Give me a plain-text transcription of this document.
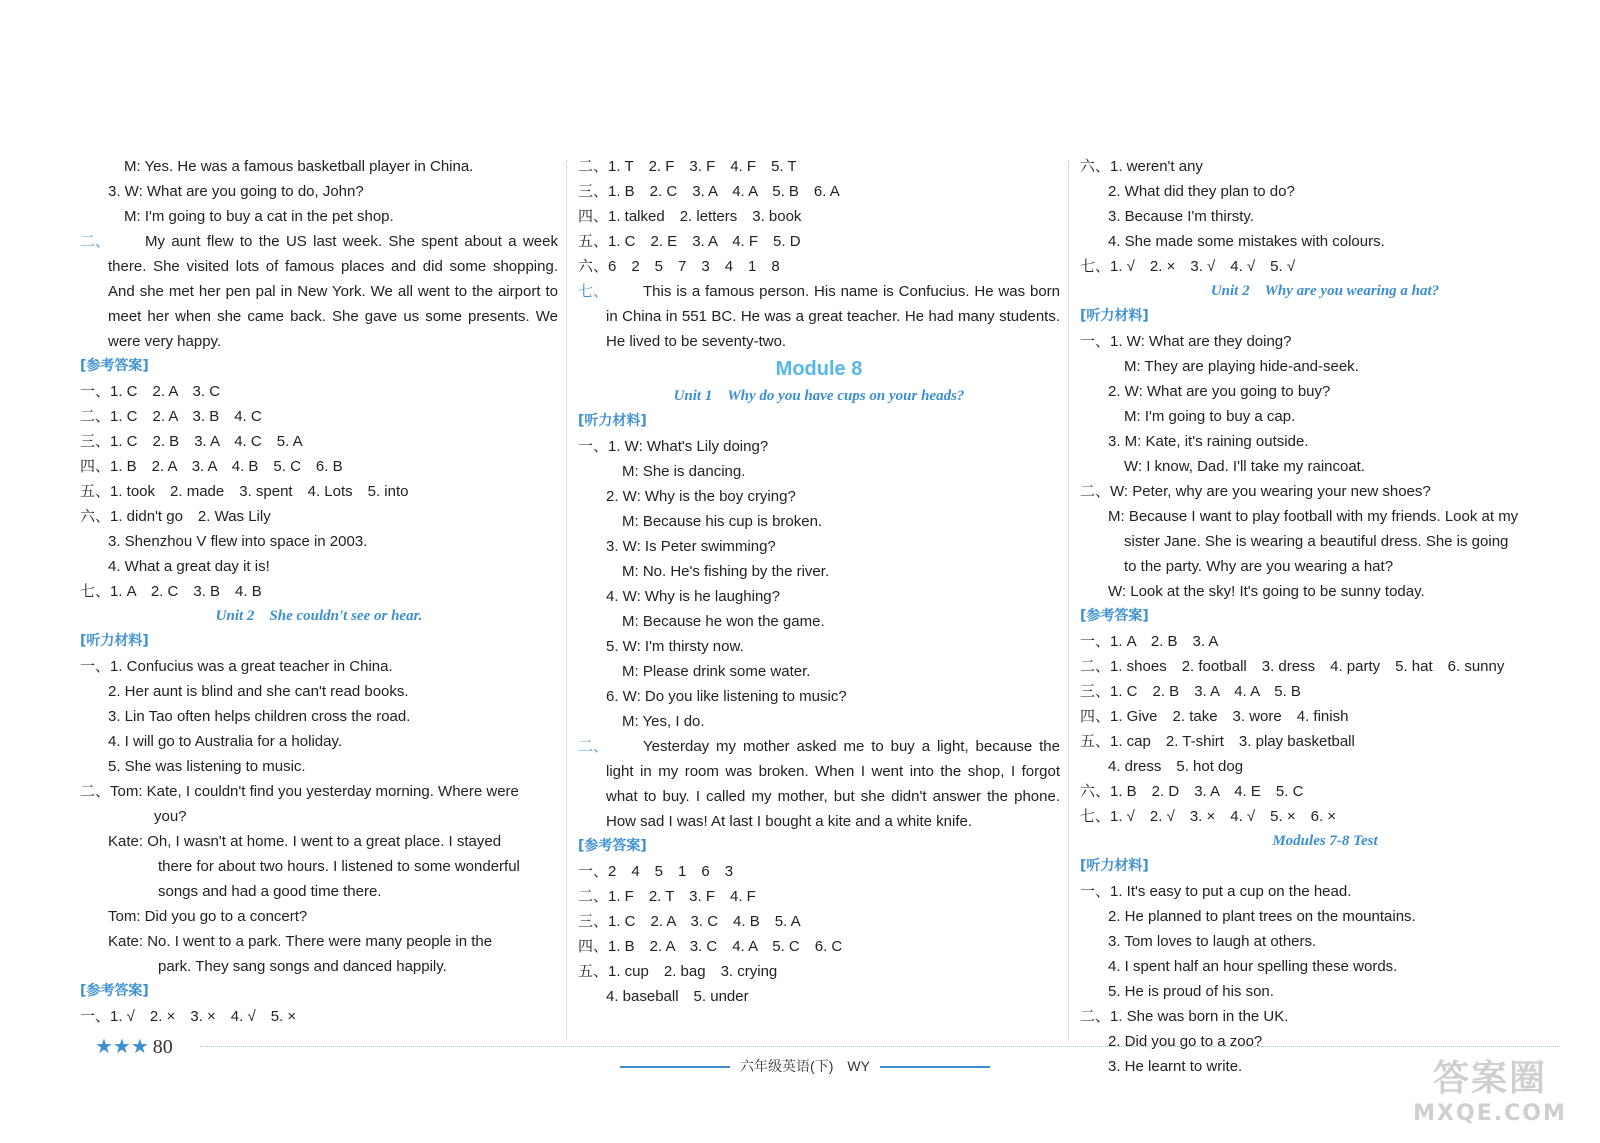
M: Yes. He was a famous basketball player in China.
3. W: What are you going to do, John?
M: I'm going to buy a cat in the pet shop.
二、 My aunt flew to the US last week. She spent about a week there. She visited lots of famous places and did some shopping. And she met her pen pal in New York. We all went to the airport to meet her when she came back. She gave us some presents. We were very happy.
[参考答案]
一、1. C　2. A　3. C
二、1. C　2. A　3. B　4. C
三、1. C　2. B　3. A　4. C　5. A
四、1. B　2. A　3. A　4. B　5. C　6. B
五、1. took　2. made　3. spent　4. Lots　5. into
六、1. didn't go　2. Was Lily
3. Shenzhou V flew into space in 2003.
4. What a great day it is!
七、1. A　2. C　3. B　4. B
Unit 2　She couldn't see or hear.
[听力材料]
一、1. Confucius was a great teacher in China.
2. Her aunt is blind and she can't read books.
3. Lin Tao often helps children cross the road.
4. I will go to Australia for a holiday.
5. She was listening to music.
二、Tom: Kate, I couldn't find you yesterday morning. Where were
you?
Kate: Oh, I wasn't at home. I went to a great place. I stayed
there for about two hours. I listened to some wonderful
songs and had a good time there.
Tom: Did you go to a concert?
Kate: No. I went to a park. There were many people in the
park. They sang songs and danced happily.
[参考答案]
一、1. √　2. ×　3. ×　4. √　5. ×
二、1. T　2. F　3. F　4. F　5. T
三、1. B　2. C　3. A　4. A　5. B　6. A
四、1. talked　2. letters　3. book
五、1. C　2. E　3. A　4. F　5. D
六、6　2　5　7　3　4　1　8
七、 This is a famous person. His name is Confucius. He was born in China in 551 BC. He was a great teacher. He had many students. He lived to be seventy-two.
Module 8
Unit 1　Why do you have cups on your heads?
[听力材料]
一、1. W: What's Lily doing?
M: She is dancing.
2. W: Why is the boy crying?
M: Because his cup is broken.
3. W: Is Peter swimming?
M: No. He's fishing by the river.
4. W: Why is he laughing?
M: Because he won the game.
5. W: I'm thirsty now.
M: Please drink some water.
6. W: Do you like listening to music?
M: Yes, I do.
二、 Yesterday my mother asked me to buy a light, because the light in my room was broken. When I went into the shop, I forgot what to buy. I called my mother, but she didn't answer the phone. How sad I was! At last I bought a kite and a white knife.
[参考答案]
一、2　4　5　1　6　3
二、1. F　2. T　3. F　4. F
三、1. C　2. A　3. C　4. B　5. A
四、1. B　2. A　3. C　4. A　5. C　6. C
五、1. cup　2. bag　3. crying
4. baseball　5. under
六、1. weren't any
2. What did they plan to do?
3. Because I'm thirsty.
4. She made some mistakes with colours.
七、1. √　2. ×　3. √　4. √　5. √
Unit 2　Why are you wearing a hat?
[听力材料]
一、1. W: What are they doing?
M: They are playing hide-and-seek.
2. W: What are you going to buy?
M: I'm going to buy a cap.
3. M: Kate, it's raining outside.
W: I know, Dad. I'll take my raincoat.
二、W: Peter, why are you wearing your new shoes?
M: Because I want to play football with my friends. Look at my
sister Jane. She is wearing a beautiful dress. She is going
to the party. Why are you wearing a hat?
W: Look at the sky! It's going to be sunny today.
[参考答案]
一、1. A　2. B　3. A
二、1. shoes　2. football　3. dress　4. party　5. hat　6. sunny
三、1. C　2. B　3. A　4. A　5. B
四、1. Give　2. take　3. wore　4. finish
五、1. cap　2. T-shirt　3. play basketball
4. dress　5. hot dog
六、1. B　2. D　3. A　4. E　5. C
七、1. √　2. √　3. ×　4. √　5. ×　6. ×
Modules 7-8 Test
[听力材料]
一、1. It's easy to put a cup on the head.
2. He planned to plant trees on the mountains.
3. Tom loves to laugh at others.
4. I spent half an hour spelling these words.
5. He is proud of his son.
二、1. She was born in the UK.
2. Did you go to a zoo?
3. He learnt to write.
★★★ 80
六年级英语(下)　WY	答案圈
MXQE.COM
